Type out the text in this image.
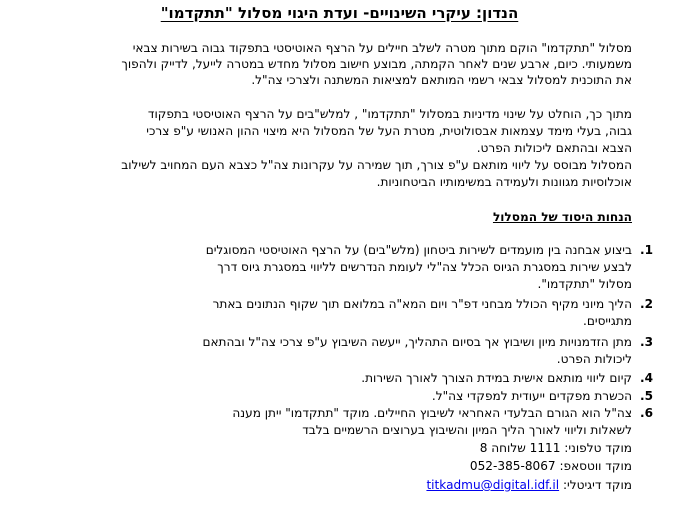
הנדון: עיקרי השינויים- ועדת היגוי מסלול "תתקדמו"
מסלול "תתקדמו" הוקם מתוך מטרה לשלב חיילים על הרצף האוטיסטי בתפקוד גבוה בשירות צבאי
משמעותי. כיום, ארבע שנים לאחר הקמתה, מבוצע חישוב מסלול מחדש במטרה לייעל, לדייק ולהפוך
את התוכנית למסלול צבאי רשמי המותאם למציאות המשתנה ולצרכי צה"ל.
מתוך כך, הוחלט על שינוי מדיניות במסלול "תתקדמו" , למלש"בים על הרצף האוטיסטי בתפקוד
גבוה, בעלי מימד עצמאות אבסולוטית, מטרת העל של המסלול היא מיצוי ההון האנושי ע"פ צרכי
הצבא ובהתאם ליכולות הפרט.
המסלול מבוסס על ליווי מותאם ע"פ צורך, תוך שמירה על עקרונות צה"ל כצבא העם המחויב לשילוב
אוכלוסיות מגוונות ולעמידה במשימותיו הביטחוניות.
הנחות היסוד של המסלול
1.
ביצוע אבחנה בין מועמדים לשירות ביטחון (מלש"בים) על הרצף האוטיסטי המסוגלים
לבצע שירות במסגרת הגיוס הכלל צה"לי לעומת הנדרשים לליווי במסגרת גיוס דרך
מסלול "תתקדמו".
2.
הליך מיוני מקיף הכולל מבחני דפ"ר ויום המא"ה במלואם תוך שקוף הנתונים באתר
מתגייסים.
3.
מתן הזדמנויות מיון ושיבוץ אך בסיום התהליך, ייעשה השיבוץ ע"פ צרכי צה"ל ובהתאם
ליכולות הפרט.
4.
קיום ליווי מותאם אישית במידת הצורך לאורך השירות.
5.
הכשרת מפקדים ייעודית למפקדי צה"ל.
6.
צה"ל הוא הגורם הבלעדי האחראי לשיבוץ החיילים. מוקד "תתקדמו" ייתן מענה
לשאלות וליווי לאורך הליך המיון והשיבוץ בערוצים הרשמיים בלבד
מוקד טלפוני: 1111 שלוחה 8
מוקד ווטסאפ: 052-385-8067
מוקד דיגיטלי: titkadmu@digital.idf.il
